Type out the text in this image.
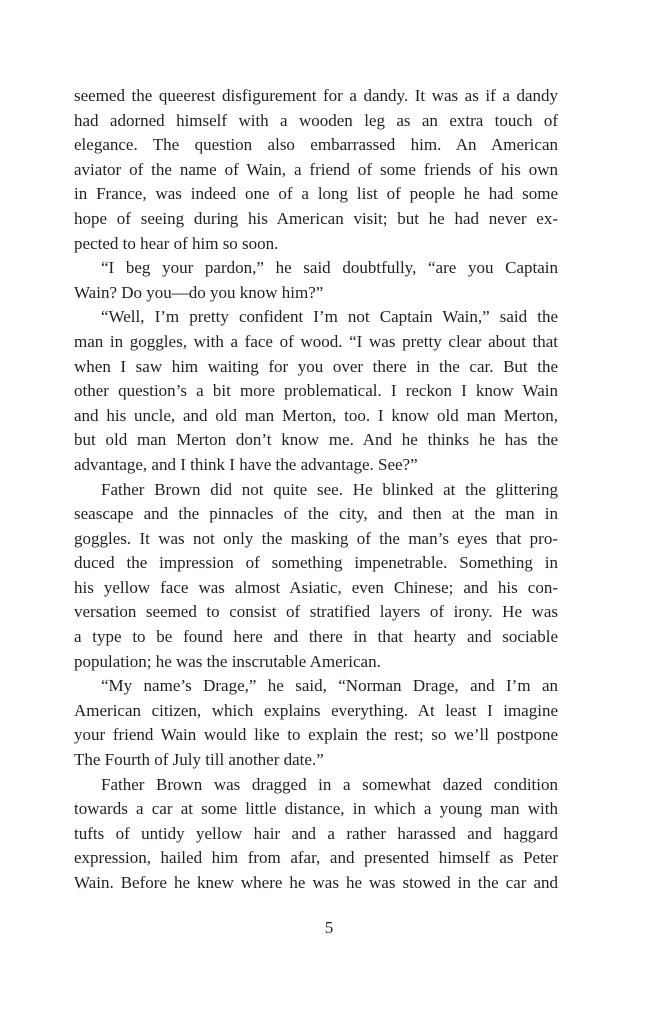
seemed the queerest disfigurement for a dandy. It was as if a dandy
had adorned himself with a wooden leg as an extra touch of
elegance. The question also embarrassed him. An American
aviator of the name of Wain, a friend of some friends of his own
in France, was indeed one of a long list of people he had some
hope of seeing during his American visit; but he had never ex-
pected to hear of him so soon.
“I beg your pardon,” he said doubtfully, “are you Captain
Wain? Do you—do you know him?”
“Well, I’m pretty confident I’m not Captain Wain,” said the
man in goggles, with a face of wood. “I was pretty clear about that
when I saw him waiting for you over there in the car. But the
other question’s a bit more problematical. I reckon I know Wain
and his uncle, and old man Merton, too. I know old man Merton,
but old man Merton don’t know me. And he thinks he has the
advantage, and I think I have the advantage. See?”
Father Brown did not quite see. He blinked at the glittering
seascape and the pinnacles of the city, and then at the man in
goggles. It was not only the masking of the man’s eyes that pro-
duced the impression of something impenetrable. Something in
his yellow face was almost Asiatic, even Chinese; and his con-
versation seemed to consist of stratified layers of irony. He was
a type to be found here and there in that hearty and sociable
population; he was the inscrutable American.
“My name’s Drage,” he said, “Norman Drage, and I’m an
American citizen, which explains everything. At least I imagine
your friend Wain would like to explain the rest; so we’ll postpone
The Fourth of July till another date.”
Father Brown was dragged in a somewhat dazed condition
towards a car at some little distance, in which a young man with
tufts of untidy yellow hair and a rather harassed and haggard
expression, hailed him from afar, and presented himself as Peter
Wain. Before he knew where he was he was stowed in the car and
5
